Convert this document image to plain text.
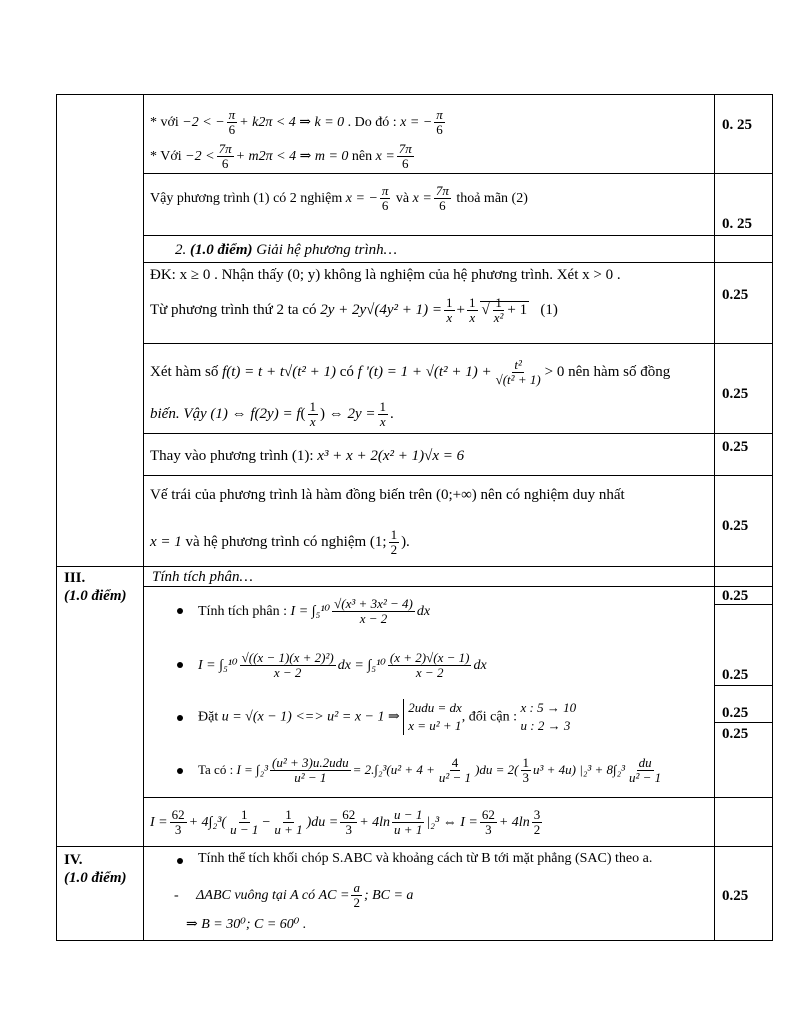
* với −2 < − $\frac{\pi}{6} + k2\pi < 4$ ⇒ k = 0 . Do đó : x = − $\frac{\pi}{6}$
* Với $-2 < \frac{7\pi}{6} + m2\pi < 4$ ⇒ m = 0 nên $x = \frac{7\pi}{6}$
0. 25
Vậy phương trình (1) có 2 nghiệm x = − $\frac{\pi}{6}$ và $x = \frac{7\pi}{6}$ thoả mãn (2)
0. 25
2. (1.0 điểm) Giải hệ phương trình…
ĐK: x ≥ 0 . Nhận thấy (0; y) không là nghiệm của hệ phương trình. Xét x > 0 .
Từ phương trình thứ 2 ta có $2y + 2y√(4y^2 + 1) = \frac{1}{x} + \frac{1}{x}$ √ $\frac{1}{\text{x²}} + 1$ (1)
0.25
Xét hàm số f(t) = t + t√(t² + 1) có f '$(t) = 1 + √(t^2 + 1) + \frac{\text{t²}}{\text{√(t² + 1)}} > 0$ nên hàm số đồng
biến. Vậy (1) ⇔ $f(2y) = f( \frac{1}{x}$ ) ⇔ $2y = \frac{1}{x}$ .
0.25
Thay vào phương trình (1): x³ + x + 2(x² + 1)√x = 6
0.25
Vế trái của phương trình là hàm đồng biến trên (0;+∞) nên có nghiệm duy nhất
x = 1 và hệ phương trình có nghiệm (1; $\frac{1}{2}$ ).
0.25
III.
(1.0 điểm)
Tính tích phân…
Tính tích phân : $I = \int_5^{10} \frac{\text{√(x³ + 3x² − 4)}}{x - 2}$ dx
$I = \int_5^{10} \frac{\text{√((x − 1)(x + 2)²)}}{x - 2}$ dx = $\int_5^{10} \frac{(x + 2)√(x - 1)}{x - 2}$ dx
Đặt u = √(x − 1) <=> u² = x − 1 ⇒
2udu = dx
x = u² + 1
, đổi cận :
x : 5 → 10
u : 2 → 3
Ta có : $I = \int_2^3 \frac{\text{(u² + 3)u.2udu}}{\text{u² − 1}} = 2.\int_2^3(u^2 + 4 + \frac{4}{\text{u² − 1}} )du = 2( \frac{1}{3} u^3 + 4u) |_2^3 + 8\int_2^3 \frac{du}{\text{u² − 1}}$
$I = \frac{62}{3} + 4\int_2^3( \frac{1}{u - 1} - \frac{1}{u + 1} )du = \frac{62}{3} + 4\ln \frac{u - 1}{u + 1} |_2^3$ ⇔ $I = \frac{62}{3} + 4\ln \frac{3}{2}$
0.25
0.25
0.25
0.25
IV.
(1.0 điểm)
Tính thể tích khối chóp S.ABC và khoảng cách từ B tới mặt phẳng (SAC) theo a.
- ΔABC vuông tại A có AC = $\frac{a}{2}$ ; BC = a
⇒ B = 30⁰; C = 60⁰ .
0.25
